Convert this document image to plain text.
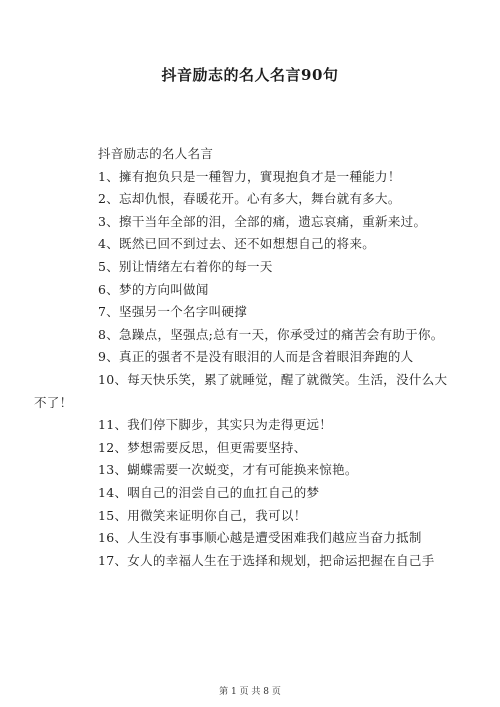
抖音励志的名人名言90句
抖音励志的名人名言
1、擁有抱负只是一種智力，實現抱負才是一種能力！
2、忘却仇恨，春暖花开。心有多大，舞台就有多大。
3、擦干当年全部的泪，全部的痛，遗忘哀痛，重新来过。
4、既然已回不到过去、还不如想想自己的将来。
5、别让情绪左右着你的每一天
6、梦的方向叫做闻
7、坚强另一个名字叫硬撑
8、急躁点，坚强点;总有一天，你承受过的痛苦会有助于你。
9、真正的强者不是没有眼泪的人而是含着眼泪奔跑的人
10、每天快乐笑，累了就睡觉，醒了就微笑。生活，没什么大
不了！
11、我们停下脚步，其实只为走得更远！
12、梦想需要反思，但更需要坚持、
13、蝴蝶需要一次蜕变，才有可能换来惊艳。
14、咽自己的泪尝自己的血扛自己的梦
15、用微笑来证明你自己，我可以！
16、人生没有事事顺心越是遭受困难我们越应当奋力抵制
17、女人的幸福人生在于选择和规划，把命运把握在自己手
第 1 页 共 8 页
